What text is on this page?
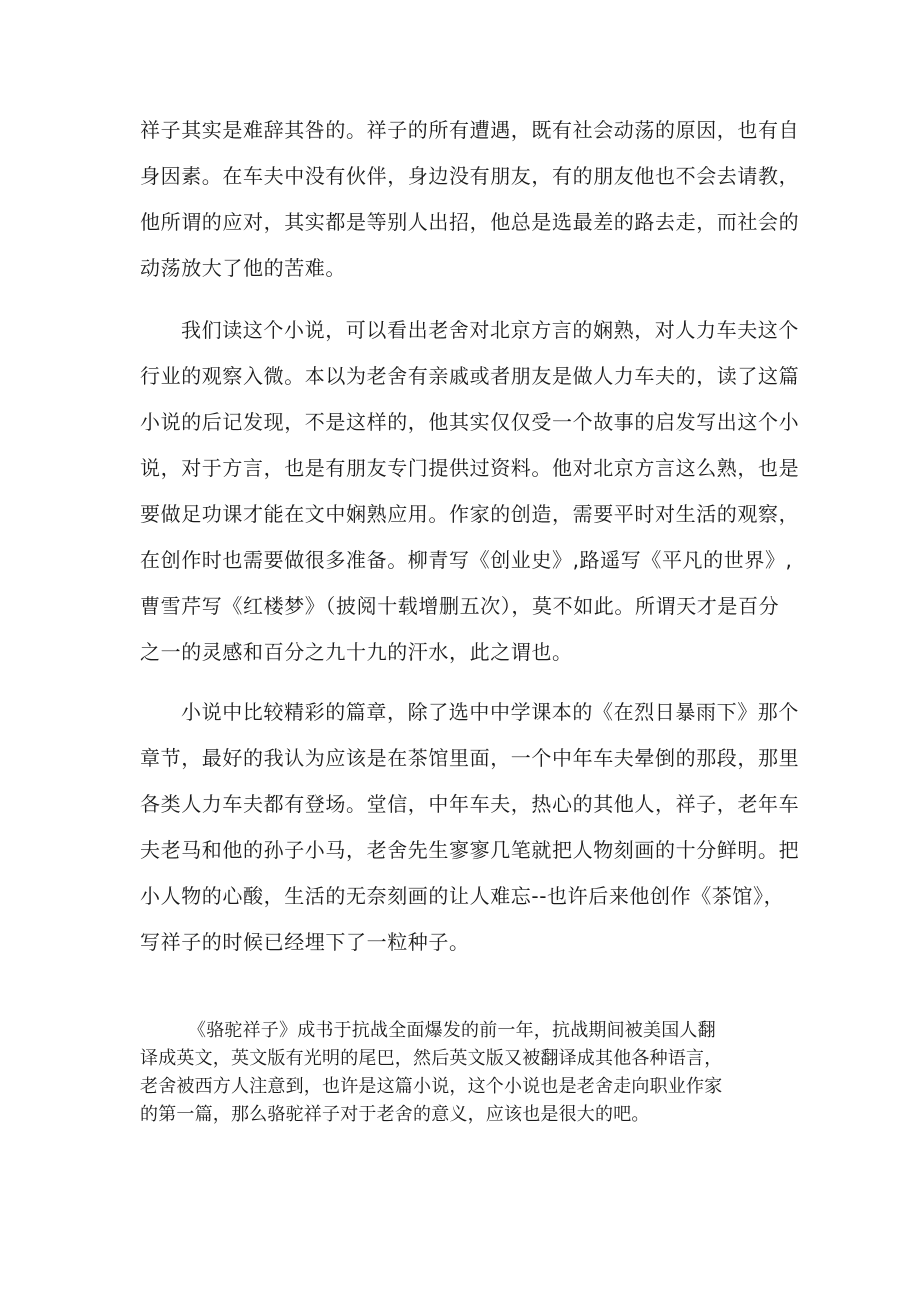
祥子其实是难辞其咎的。祥子的所有遭遇，既有社会动荡的原因，也有自
身因素。在车夫中没有伙伴，身边没有朋友，有的朋友他也不会去请教，
他所谓的应对，其实都是等别人出招，他总是选最差的路去走，而社会的
动荡放大了他的苦难。
我们读这个小说，可以看出老舍对北京方言的娴熟，对人力车夫这个
行业的观察入微。本以为老舍有亲戚或者朋友是做人力车夫的，读了这篇
小说的后记发现，不是这样的，他其实仅仅受一个故事的启发写出这个小
说，对于方言，也是有朋友专门提供过资料。他对北京方言这么熟，也是
要做足功课才能在文中娴熟应用。作家的创造，需要平时对生活的观察，
在创作时也需要做很多准备。柳青写《创业史》,路遥写《平凡的世界》,
曹雪芹写《红楼梦》（披阅十载增删五次），莫不如此。所谓天才是百分
之一的灵感和百分之九十九的汗水，此之谓也。
小说中比较精彩的篇章，除了选中中学课本的《在烈日暴雨下》那个
章节，最好的我认为应该是在茶馆里面，一个中年车夫晕倒的那段，那里
各类人力车夫都有登场。堂信，中年车夫，热心的其他人，祥子，老年车
夫老马和他的孙子小马，老舍先生寥寥几笔就把人物刻画的十分鲜明。把
小人物的心酸，生活的无奈刻画的让人难忘--也许后来他创作《茶馆》，
写祥子的时候已经埋下了一粒种子。
《骆驼祥子》成书于抗战全面爆发的前一年，抗战期间被美国人翻
译成英文，英文版有光明的尾巴，然后英文版又被翻译成其他各种语言，
老舍被西方人注意到，也许是这篇小说，这个小说也是老舍走向职业作家
的第一篇，那么骆驼祥子对于老舍的意义，应该也是很大的吧。
